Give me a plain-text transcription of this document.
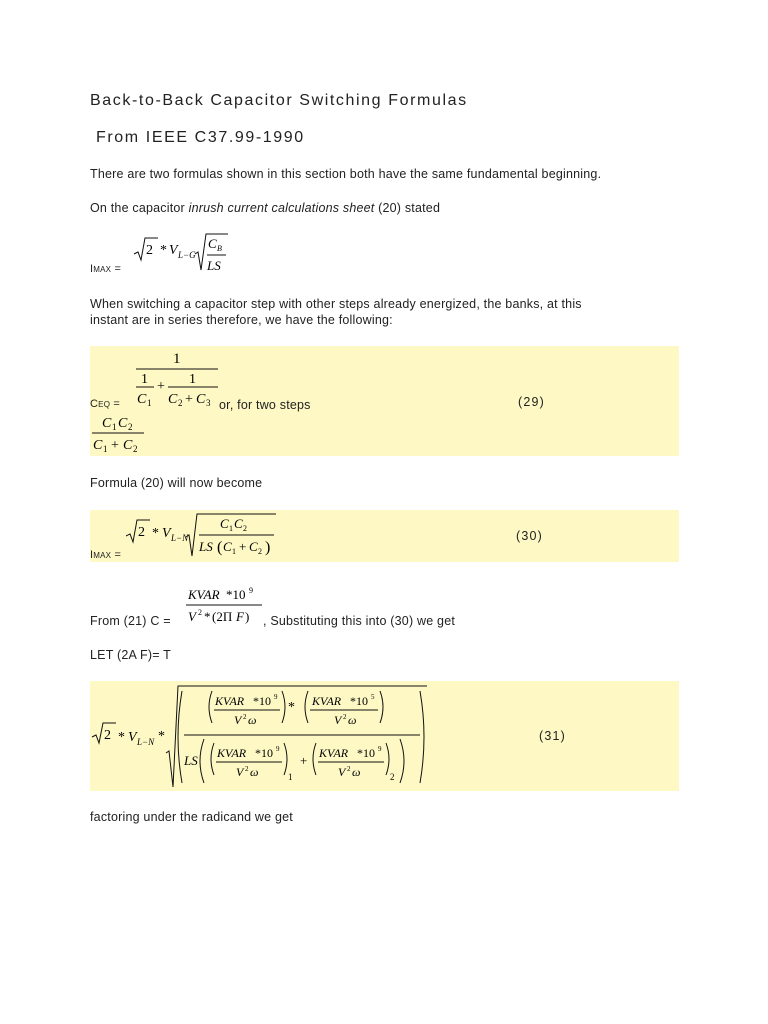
Back-to-Back Capacitor Switching Formulas
From IEEE C37.99-1990
There are two formulas shown in this section both have the same fundamental beginning.
On the capacitor inrush current calculations sheet (20) stated
IMAX =
2 * V L−G
C B
LS
When switching a capacitor step with other steps already energized, the banks, at this
instant are in series therefore, we have the following:
1
1
C 1
+ 1
C 2 + C 3
CEQ =	or, for two steps	(29)
C 1 C 2
C 1 + C 2
Formula (20) will now become
2 * V L−N
C 1 C 2
LS ( C 1 + C 2 )
IMAX =
(30)
From (21) C =
KVAR *10 9
V 2 * (2Π F ) , Substituting this into (30) we get
LET (2A F)= T
2 * V L−N *
KVAR *10 9
V 2 ω
* KVAR *10 5
V 2 ω
LS KVAR *10 9
V 2 ω	1
+ KVAR *10 9
V 2 ω	2
(31)
factoring under the radicand we get
